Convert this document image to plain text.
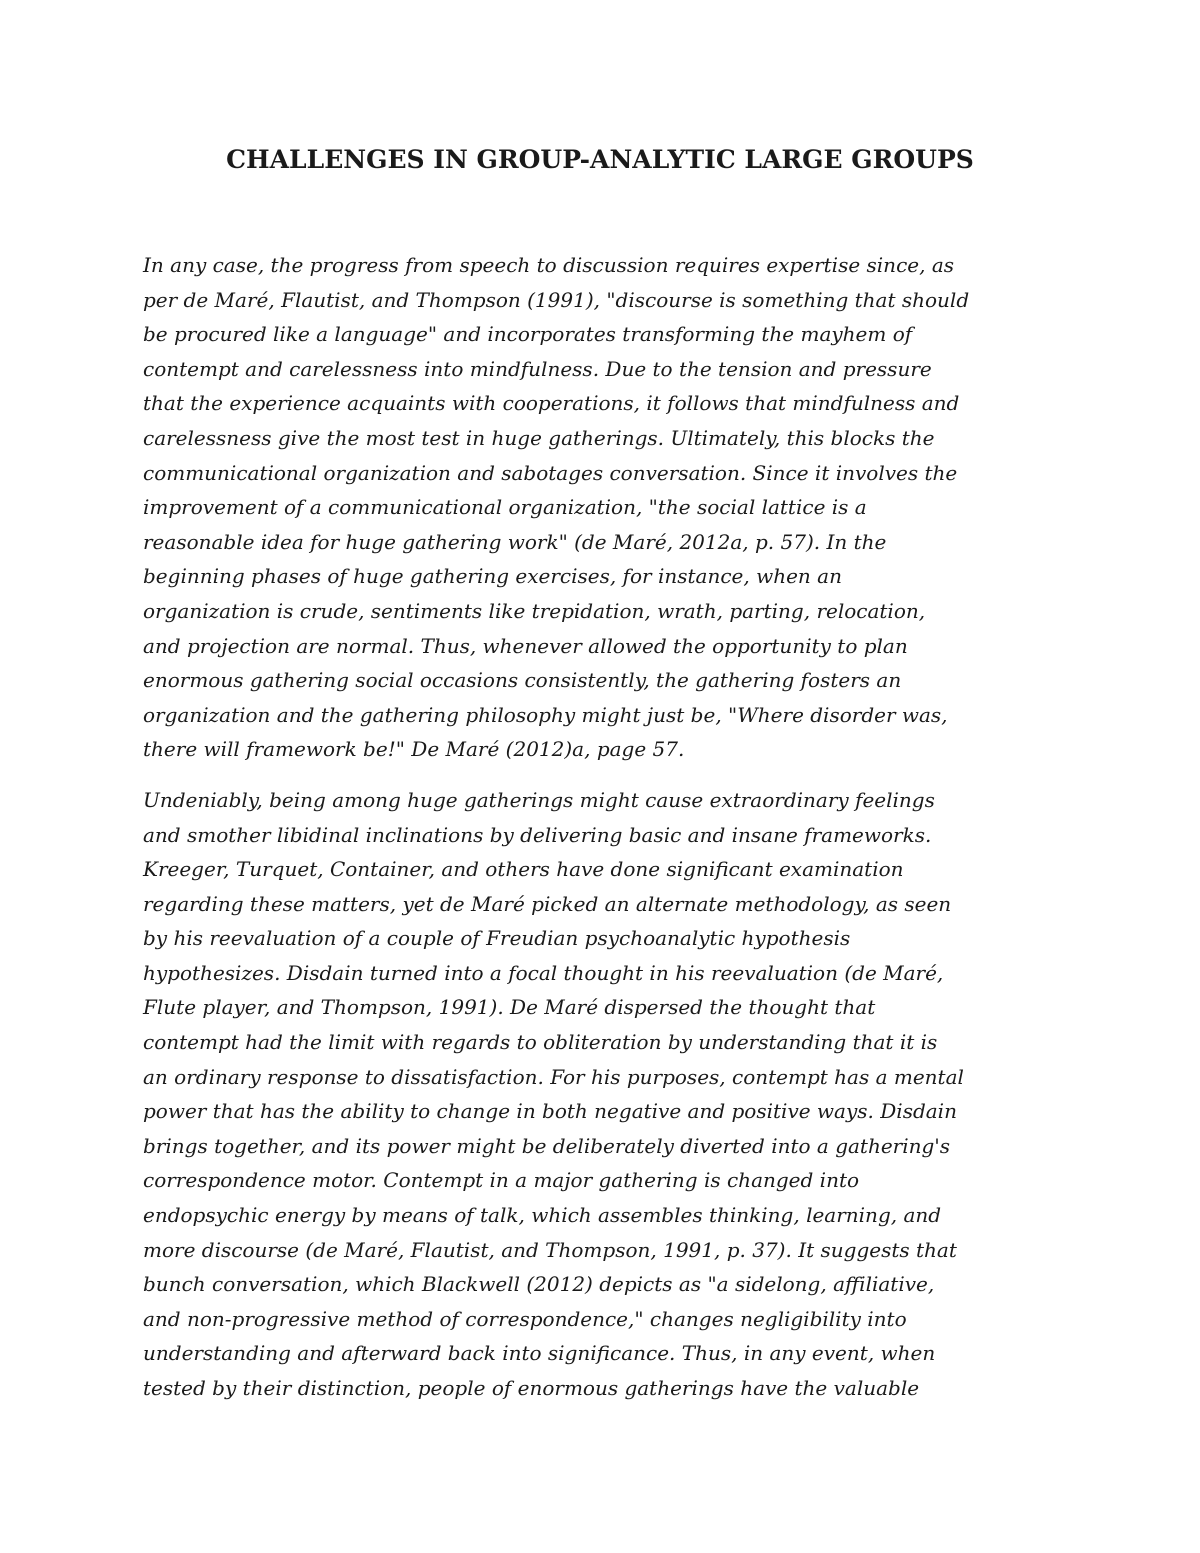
CHALLENGES IN GROUP-ANALYTIC LARGE GROUPS

In any case, the progress from speech to discussion requires expertise since, as
per de Maré, Flautist, and Thompson (1991), "discourse is something that should
be procured like a language" and incorporates transforming the mayhem of
contempt and carelessness into mindfulness. Due to the tension and pressure
that the experience acquaints with cooperations, it follows that mindfulness and
carelessness give the most test in huge gatherings. Ultimately, this blocks the
communicational organization and sabotages conversation. Since it involves the
improvement of a communicational organization, "the social lattice is a
reasonable idea for huge gathering work" (de Maré, 2012a, p. 57). In the
beginning phases of huge gathering exercises, for instance, when an
organization is crude, sentiments like trepidation, wrath, parting, relocation,
and projection are normal. Thus, whenever allowed the opportunity to plan
enormous gathering social occasions consistently, the gathering fosters an
organization and the gathering philosophy might just be, "Where disorder was,
there will framework be!" De Maré (2012)a, page 57.

Undeniably, being among huge gatherings might cause extraordinary feelings
and smother libidinal inclinations by delivering basic and insane frameworks.
Kreeger, Turquet, Container, and others have done significant examination
regarding these matters, yet de Maré picked an alternate methodology, as seen
by his reevaluation of a couple of Freudian psychoanalytic hypothesis
hypothesizes. Disdain turned into a focal thought in his reevaluation (de Maré,
Flute player, and Thompson, 1991). De Maré dispersed the thought that
contempt had the limit with regards to obliteration by understanding that it is
an ordinary response to dissatisfaction. For his purposes, contempt has a mental
power that has the ability to change in both negative and positive ways. Disdain
brings together, and its power might be deliberately diverted into a gathering's
correspondence motor. Contempt in a major gathering is changed into
endopsychic energy by means of talk, which assembles thinking, learning, and
more discourse (de Maré, Flautist, and Thompson, 1991, p. 37). It suggests that
bunch conversation, which Blackwell (2012) depicts as "a sidelong, affiliative,
and non-progressive method of correspondence," changes negligibility into
understanding and afterward back into significance. Thus, in any event, when
tested by their distinction, people of enormous gatherings have the valuable
